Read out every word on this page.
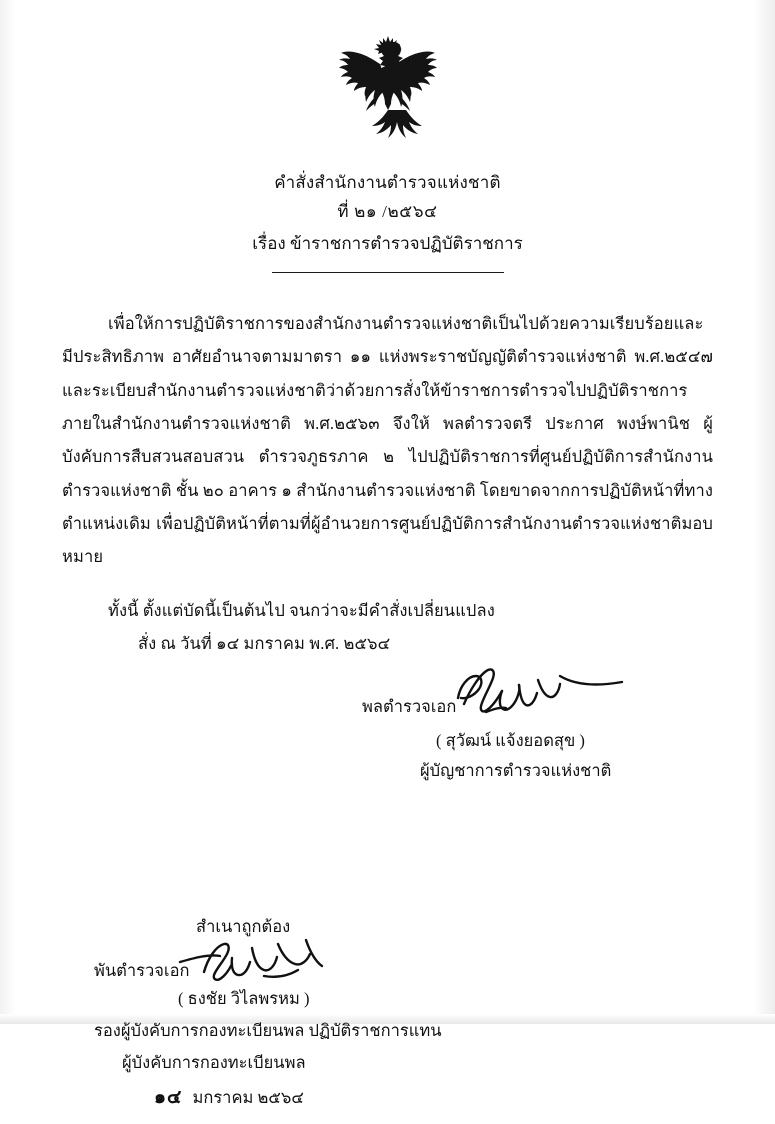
คำสั่งสำนักงานตำรวจแห่งชาติ
ที่ ๒๑ /๒๕๖๔
เรื่อง ข้าราชการตำรวจปฏิบัติราชการ

เพื่อให้การปฏิบัติราชการของสำนักงานตำรวจแห่งชาติเป็นไปด้วยความเรียบร้อยและมีประสิทธิภาพ อาศัยอำนาจตามมาตรา ๑๑ แห่งพระราชบัญญัติตำรวจแห่งชาติ พ.ศ.๒๕๔๗ และระเบียบสำนักงานตำรวจแห่งชาติว่าด้วยการสั่งให้ข้าราชการตำรวจไปปฏิบัติราชการภายในสำนักงานตำรวจแห่งชาติ พ.ศ.๒๕๖๓ จึงให้ พลตำรวจตรี ประกาศ พงษ์พานิช ผู้บังคับการสืบสวนสอบสวน ตำรวจภูธรภาค ๒ ไปปฏิบัติราชการที่ศูนย์ปฏิบัติการสำนักงานตำรวจแห่งชาติ ชั้น ๒๐ อาคาร ๑ สำนักงานตำรวจแห่งชาติ โดยขาดจากการปฏิบัติหน้าที่ทางตำแหน่งเดิม เพื่อปฏิบัติหน้าที่ตามที่ผู้อำนวยการศูนย์ปฏิบัติการสำนักงานตำรวจแห่งชาติมอบหมาย

ทั้งนี้ ตั้งแต่บัดนี้เป็นต้นไป จนกว่าจะมีคำสั่งเปลี่ยนแปลง

สั่ง ณ วันที่ ๑๔ มกราคม พ.ศ. ๒๕๖๔

พลตำรวจเอก
( สุวัฒน์ แจ้งยอดสุข )
ผู้บัญชาการตำรวจแห่งชาติ
สำเนาถูกต้อง
พันตำรวจเอก
( ธงชัย วิไลพรหม )
รองผู้บังคับการกองทะเบียนพล ปฏิบัติราชการแทน
ผู้บังคับการกองทะเบียนพล
๑๔ มกราคม ๒๕๖๔
